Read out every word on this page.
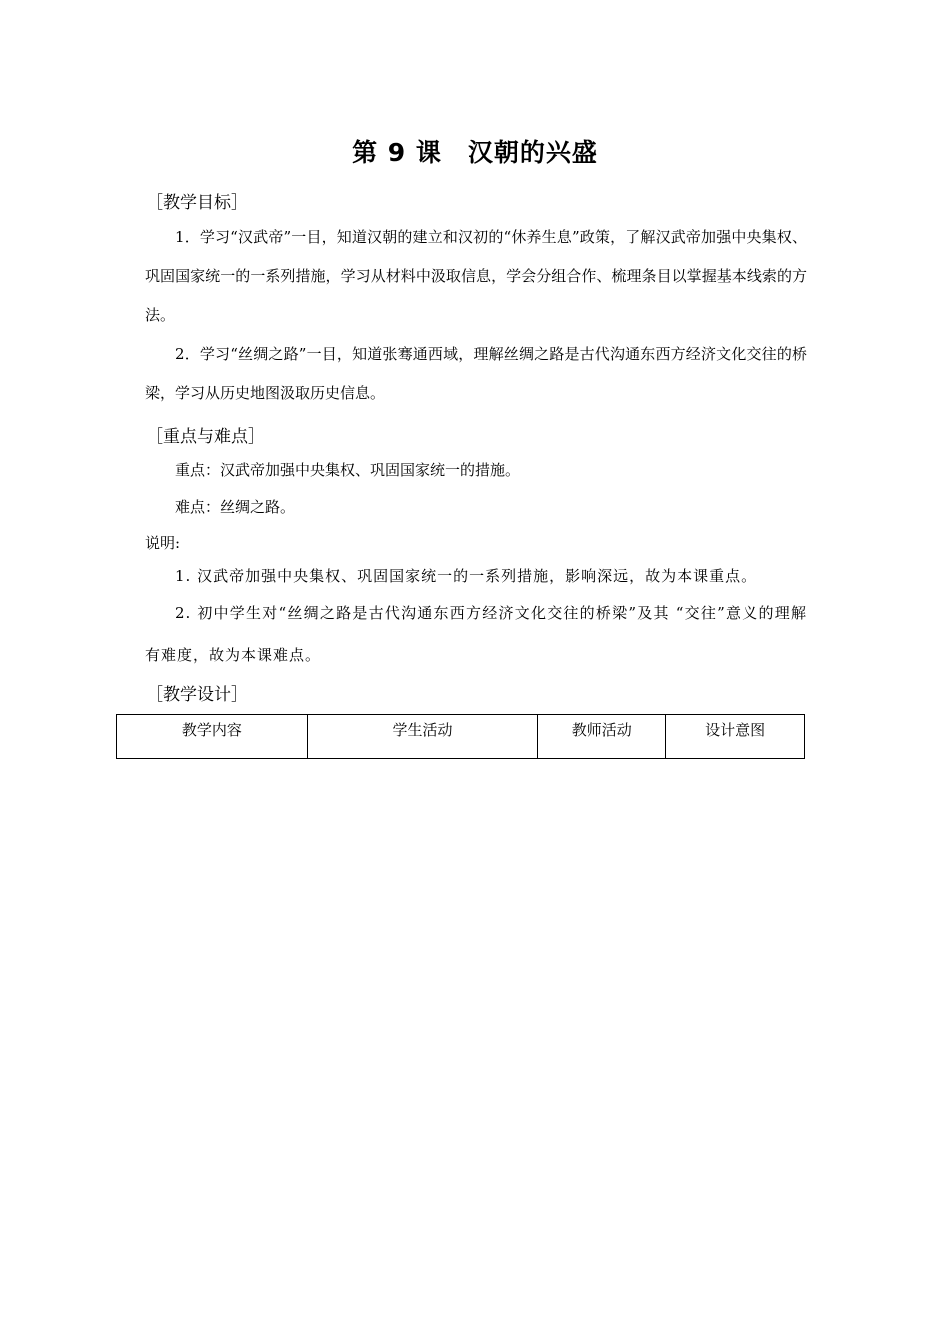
第 9 课　汉朝的兴盛
［教学目标］

1．学习“汉武帝”一目，知道汉朝的建立和汉初的“休养生息”政策，了解汉武帝加强中央集权、巩固国家统一的一系列措施，学习从材料中汲取信息，学会分组合作、梳理条目以掌握基本线索的方法。

2．学习“丝绸之路”一目，知道张骞通西域，理解丝绸之路是古代沟通东西方经济文化交往的桥梁，学习从历史地图汲取历史信息。

［重点与难点］
重点：汉武帝加强中央集权、巩固国家统一的措施。
难点：丝绸之路。
说明:

1. 汉武帝加强中央集权、巩固国家统一的一系列措施，影响深远，故为本课重点。

2. 初中学生对“丝绸之路是古代沟通东西方经济文化交往的桥梁”及其 “交往”意义的理解有难度，故为本课难点。

［教学设计］
教学内容	学生活动	教师活动	设计意图
